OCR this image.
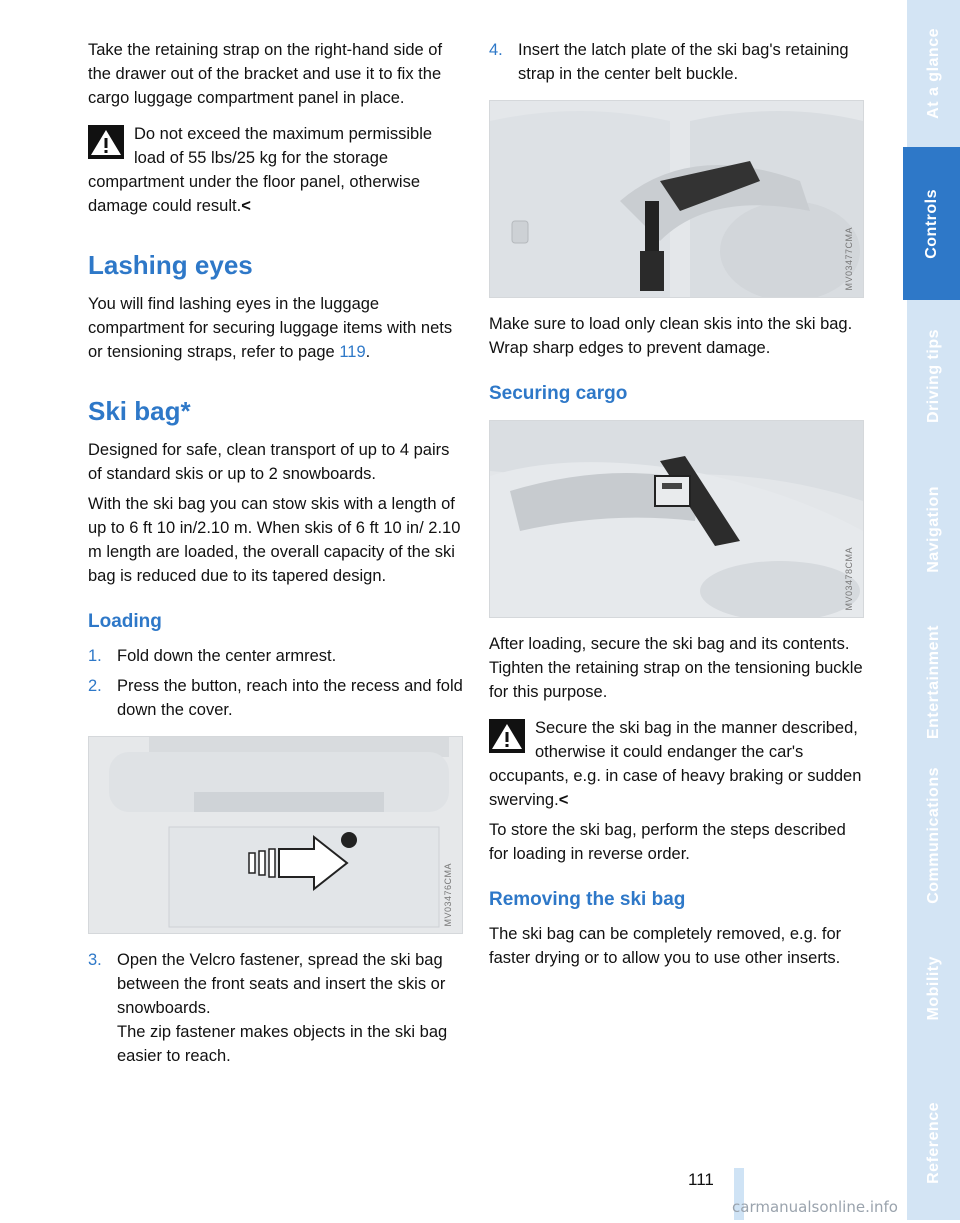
Take the retaining strap on the right-hand side of the drawer out of the bracket and use it to fix the cargo luggage compartment panel in place.

Do not exceed the maximum permissible load of 55 lbs/25 kg for the storage compartment under the floor panel, otherwise damage could result.<

Lashing eyes

You will find lashing eyes in the luggage compartment for securing luggage items with nets or tensioning straps, refer to page 119.

Ski bag*

Designed for safe, clean transport of up to 4 pairs of standard skis or up to 2 snowboards.

With the ski bag you can stow skis with a length of up to 6 ft 10 in/2.10 m. When skis of 6 ft 10 in/ 2.10 m length are loaded, the overall capacity of the ski bag is reduced due to its tapered design.

Loading
1. Fold down the center armrest.
2. Press the button, reach into the recess and fold down the cover.
MV03476CMA
3. Open the Velcro fastener, spread the ski bag between the front seats and insert the skis or snowboards.
The zip fastener makes objects in the ski bag easier to reach.
4. Insert the latch plate of the ski bag's retaining strap in the center belt buckle.
MV03477CMA

Make sure to load only clean skis into the ski bag. Wrap sharp edges to prevent damage.

Securing cargo
MV03478CMA

After loading, secure the ski bag and its contents. Tighten the retaining strap on the tensioning buckle for this purpose.

Secure the ski bag in the manner described, otherwise it could endanger the car's occupants, e.g. in case of heavy braking or sudden swerving.<

To store the ski bag, perform the steps described for loading in reverse order.

Removing the ski bag

The ski bag can be completely removed, e.g. for faster drying or to allow you to use other inserts.

111
At a glance
Controls
Driving tips
Navigation
Entertainment
Communications
Mobility
Reference
carmanualsonline.info
